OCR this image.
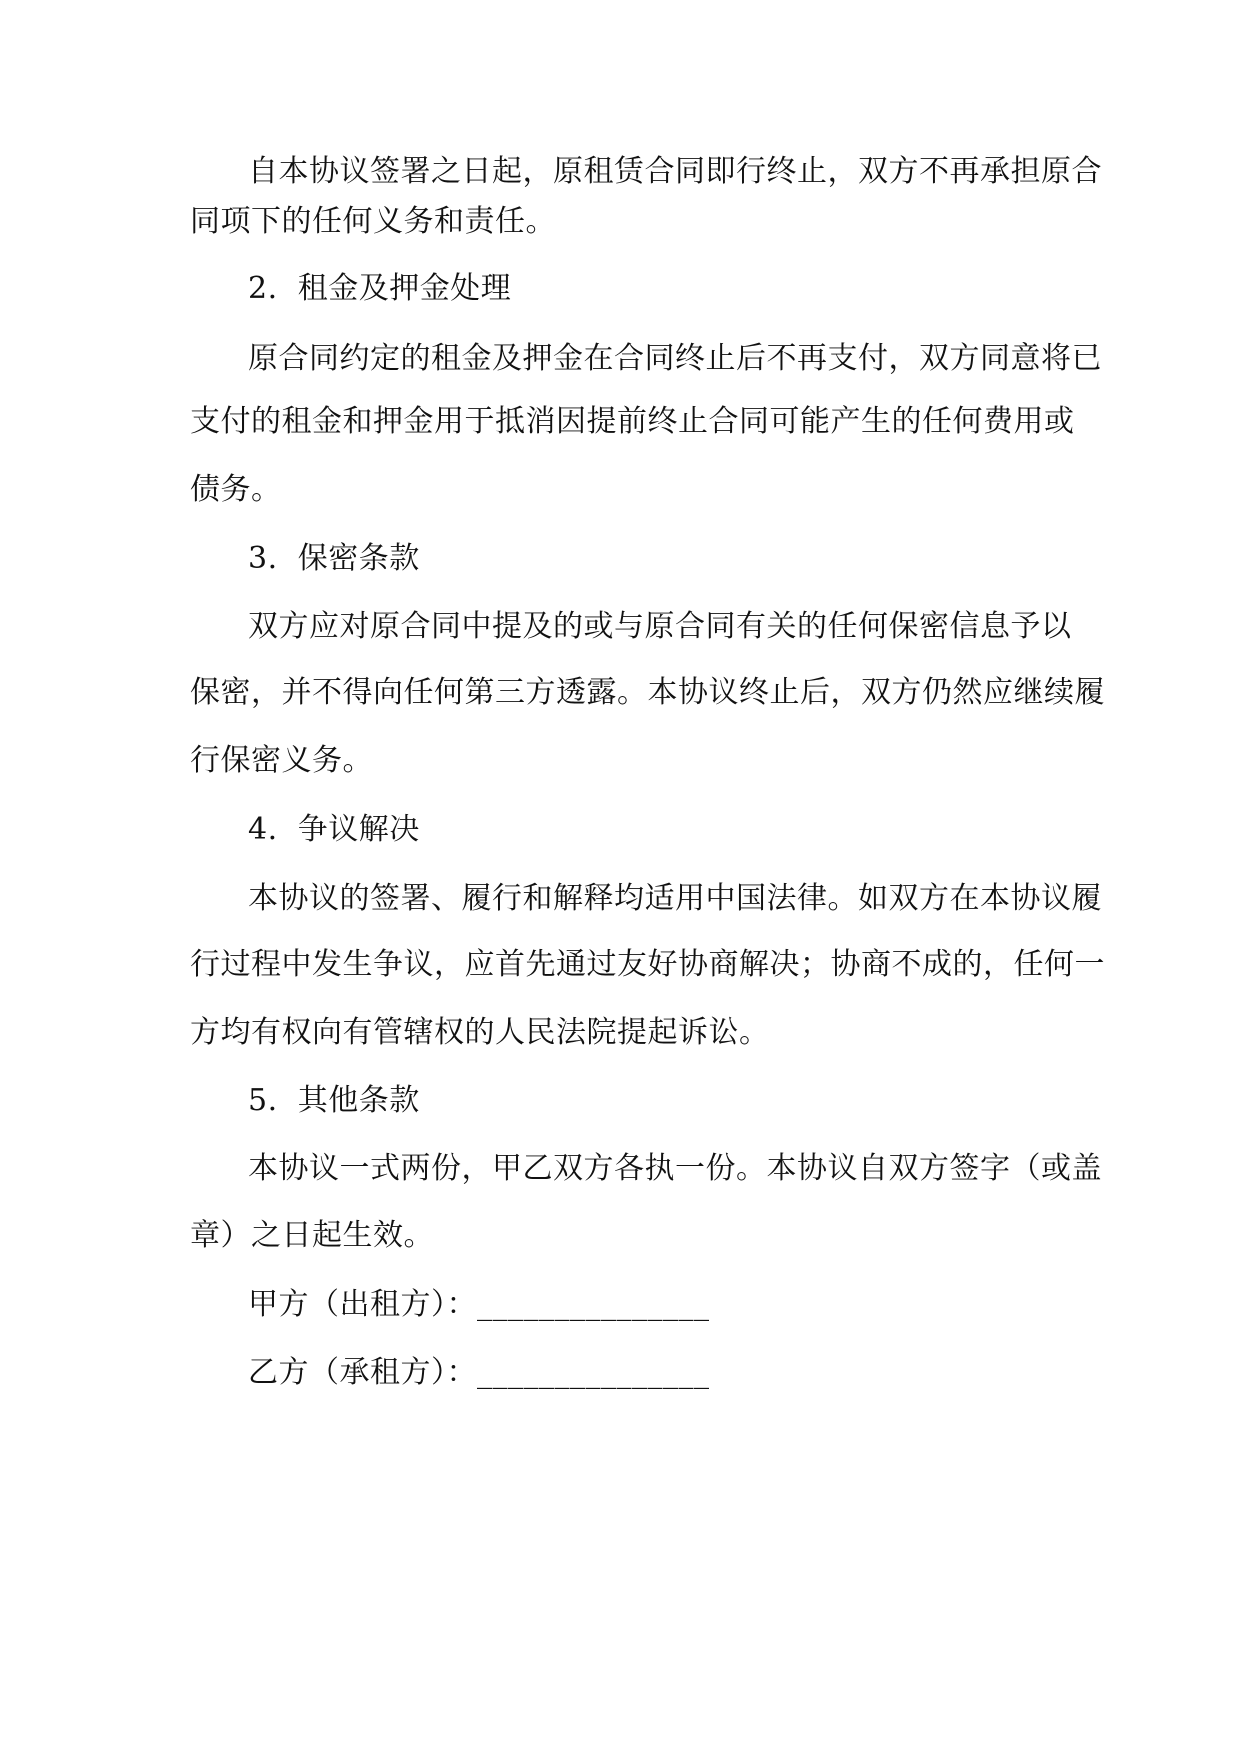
自本协议签署之日起，原租赁合同即行终止，双方不再承担原合
同项下的任何义务和责任。
2.  租金及押金处理
原合同约定的租金及押金在合同终止后不再支付，双方同意将已
支付的租金和押金用于抵消因提前终止合同可能产生的任何费用或
债务。
3.  保密条款
双方应对原合同中提及的或与原合同有关的任何保密信息予以
保密，并不得向任何第三方透露。本协议终止后，双方仍然应继续履
行保密义务。
4.  争议解决
本协议的签署、履行和解释均适用中国法律。如双方在本协议履
行过程中发生争议，应首先通过友好协商解决；协商不成的，任何一
方均有权向有管辖权的人民法院提起诉讼。
5.  其他条款
本协议一式两份，甲乙双方各执一份。本协议自双方签字（或盖
章）之日起生效。
甲方（出租方）：_______________
乙方（承租方）：_______________
